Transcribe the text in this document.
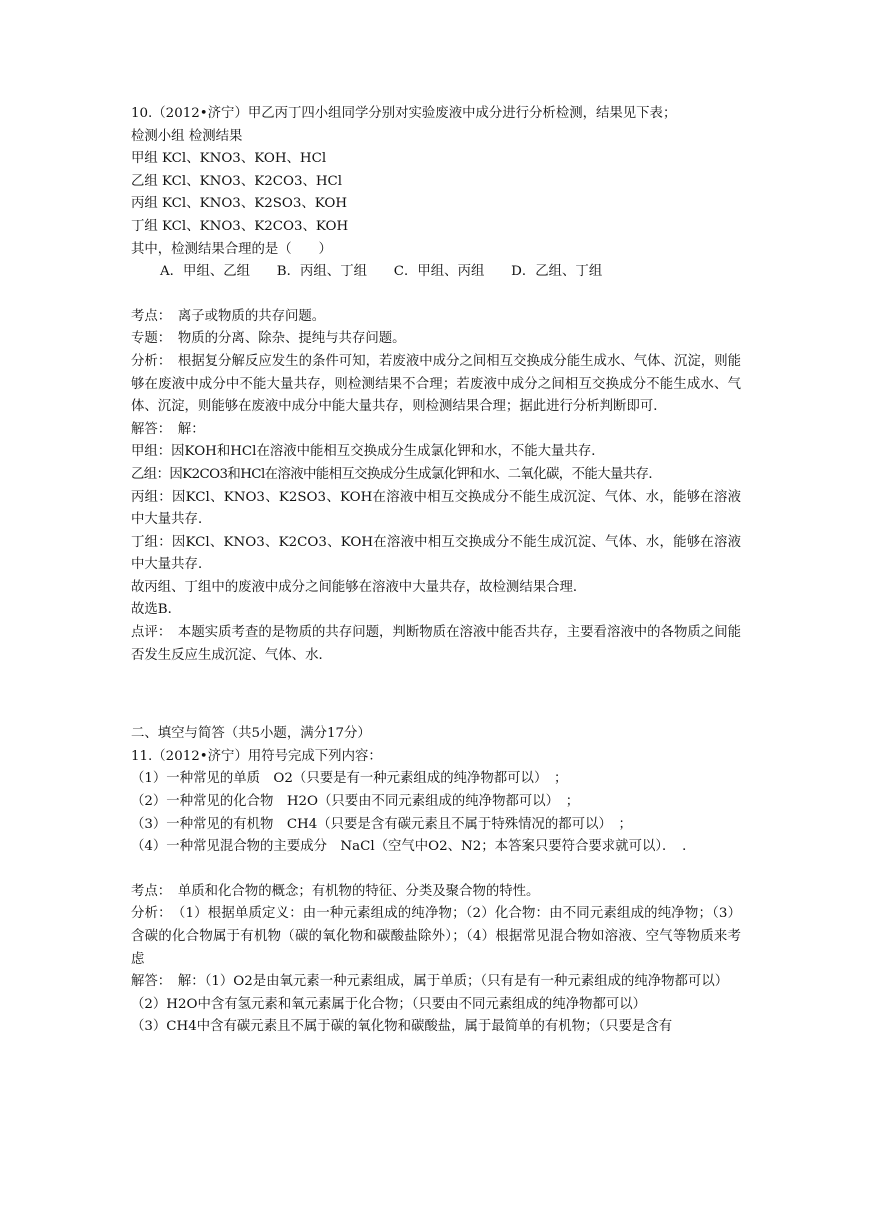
10.（2012•济宁）甲乙丙丁四小组同学分别对实验废液中成分进行分析检测，结果见下表；
检测小组 检测结果
甲组 KCl、KNO3、KOH、HCl
乙组 KCl、KNO3、K2CO3、HCl
丙组 KCl、KNO3、K2SO3、KOH
丁组 KCl、KNO3、K2CO3、KOH
其中，检测结果合理的是（　　）
A．甲组、乙组　　B．丙组、丁组　　C．甲组、丙组　　D．乙组、丁组
考点：　离子或物质的共存问题。
专题：　物质的分离、除杂、提纯与共存问题。
分析：　根据复分解反应发生的条件可知，若废液中成分之间相互交换成分能生成水、气体、沉淀，则能够在废液中成分中不能大量共存，则检测结果不合理；若废液中成分之间相互交换成分不能生成水、气体、沉淀，则能够在废液中成分中能大量共存，则检测结果合理；据此进行分析判断即可．
解答：　解：
甲组：因KOH和HCl在溶液中能相互交换成分生成氯化钾和水，不能大量共存．
乙组：因K2CO3和HCl在溶液中能相互交换成分生成氯化钾和水、二氧化碳，不能大量共存．
丙组：因KCl、KNO3、K2SO3、KOH在溶液中相互交换成分不能生成沉淀、气体、水，能够在溶液中大量共存．
丁组：因KCl、KNO3、K2CO3、KOH在溶液中相互交换成分不能生成沉淀、气体、水，能够在溶液中大量共存．
故丙组、丁组中的废液中成分之间能够在溶液中大量共存，故检测结果合理．
故选B．
点评：　本题实质考查的是物质的共存问题，判断物质在溶液中能否共存，主要看溶液中的各物质之间能否发生反应生成沉淀、气体、水．
二、填空与简答（共5小题，满分17分）
11.（2012•济宁）用符号完成下列内容：
（1）一种常见的单质　O2（只要是有一种元素组成的纯净物都可以）　；
（2）一种常见的化合物　H2O（只要由不同元素组成的纯净物都可以）　；
（3）一种常见的有机物　CH4（只要是含有碳元素且不属于特殊情况的都可以）　；
（4）一种常见混合物的主要成分　NaCl（空气中O2、N2；本答案只要符合要求就可以）．　．
考点：　单质和化合物的概念；有机物的特征、分类及聚合物的特性。
分析：　（1）根据单质定义：由一种元素组成的纯净物；（2）化合物：由不同元素组成的纯净物；（3）含碳的化合物属于有机物（碳的氧化物和碳酸盐除外）；（4）根据常见混合物如溶液、空气等物质来考虑
解答：　解：（1）O2是由氧元素一种元素组成，属于单质；（只有是有一种元素组成的纯净物都可以）
（2）H2O中含有氢元素和氧元素属于化合物；（只要由不同元素组成的纯净物都可以）
（3）CH4中含有碳元素且不属于碳的氧化物和碳酸盐，属于最简单的有机物；（只要是含有
